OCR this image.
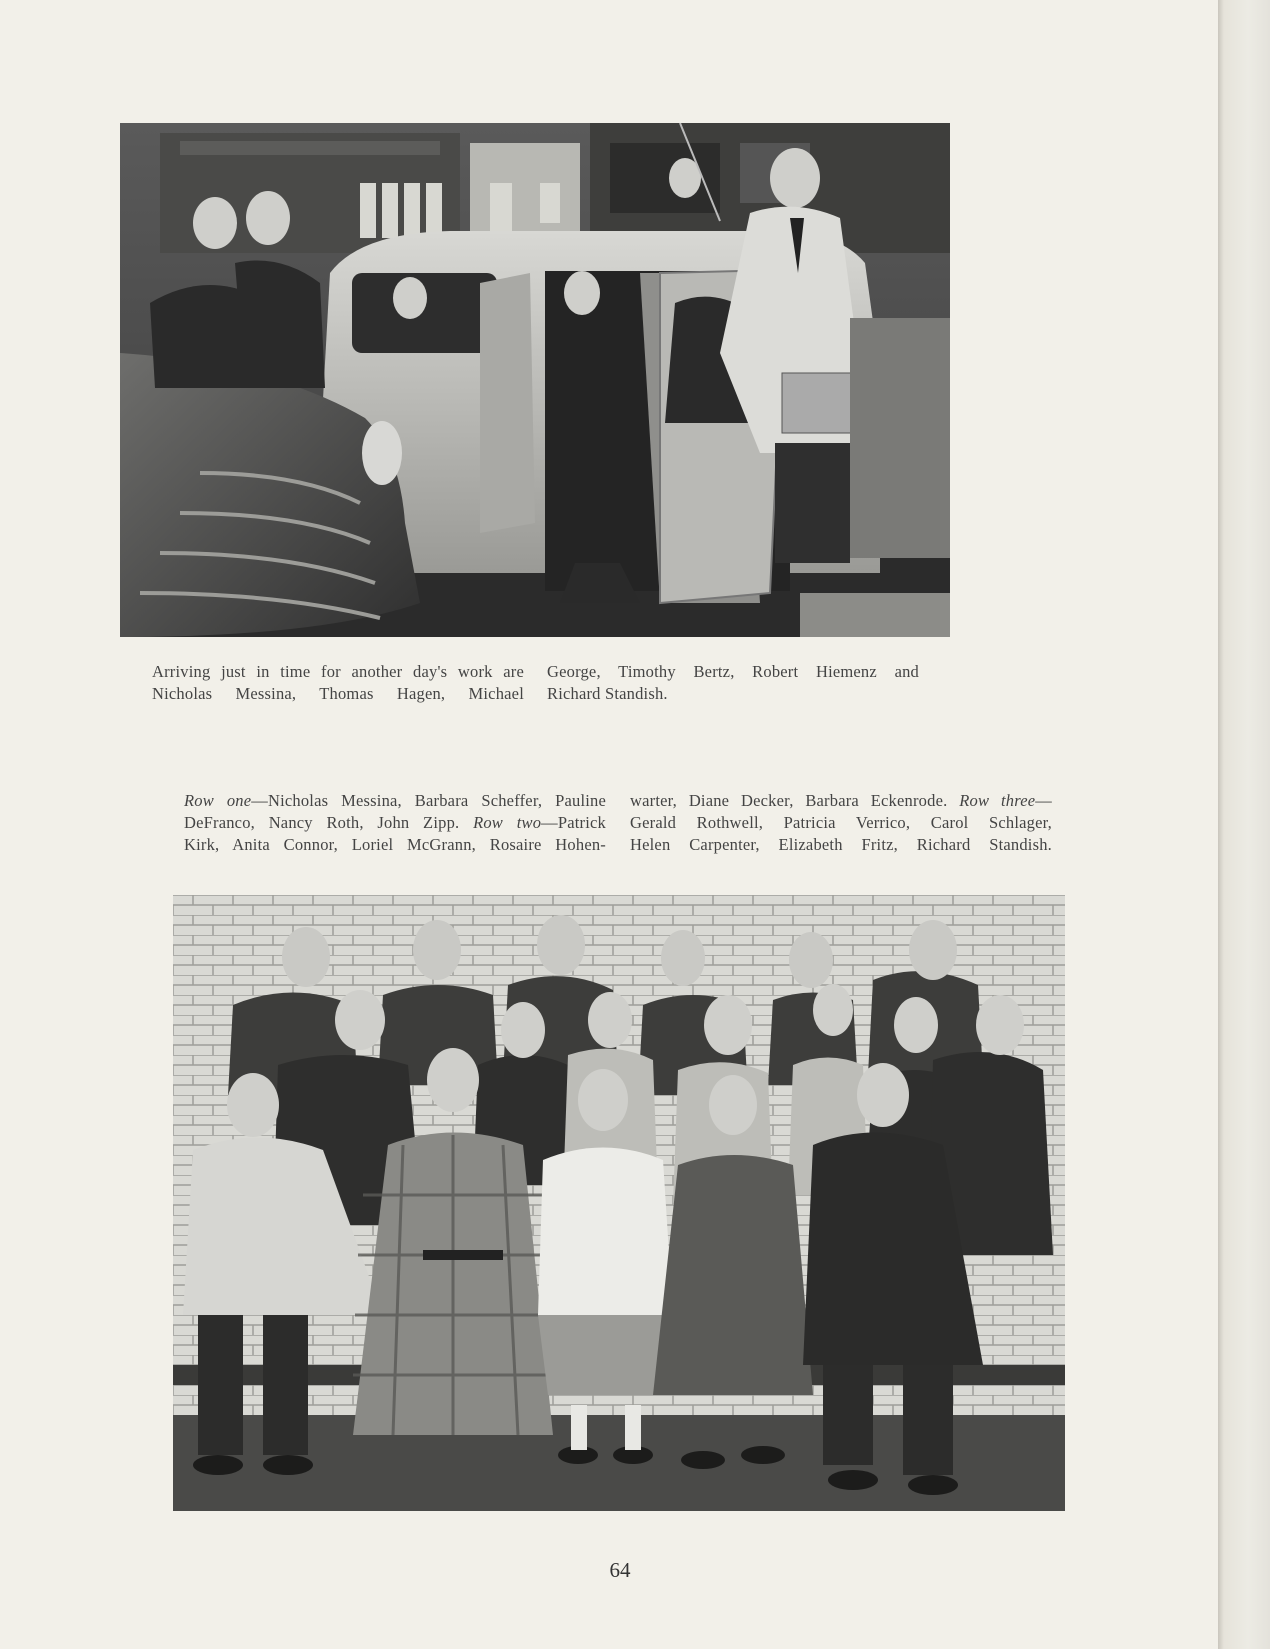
Arriving just in time for another day's work are

Nicholas Messina, Thomas Hagen, Michael

George, Timothy Bertz, Robert Hiemenz and

Richard Standish.

Row one—Nicholas Messina, Barbara Scheffer, Pauline

DeFranco, Nancy Roth, John Zipp. Row two—Patrick

Kirk, Anita Connor, Loriel McGrann, Rosaire Hohen-

warter, Diane Decker, Barbara Eckenrode. Row three—

Gerald Rothwell, Patricia Verrico, Carol Schlager,

Helen Carpenter, Elizabeth Fritz, Richard Standish.

64
